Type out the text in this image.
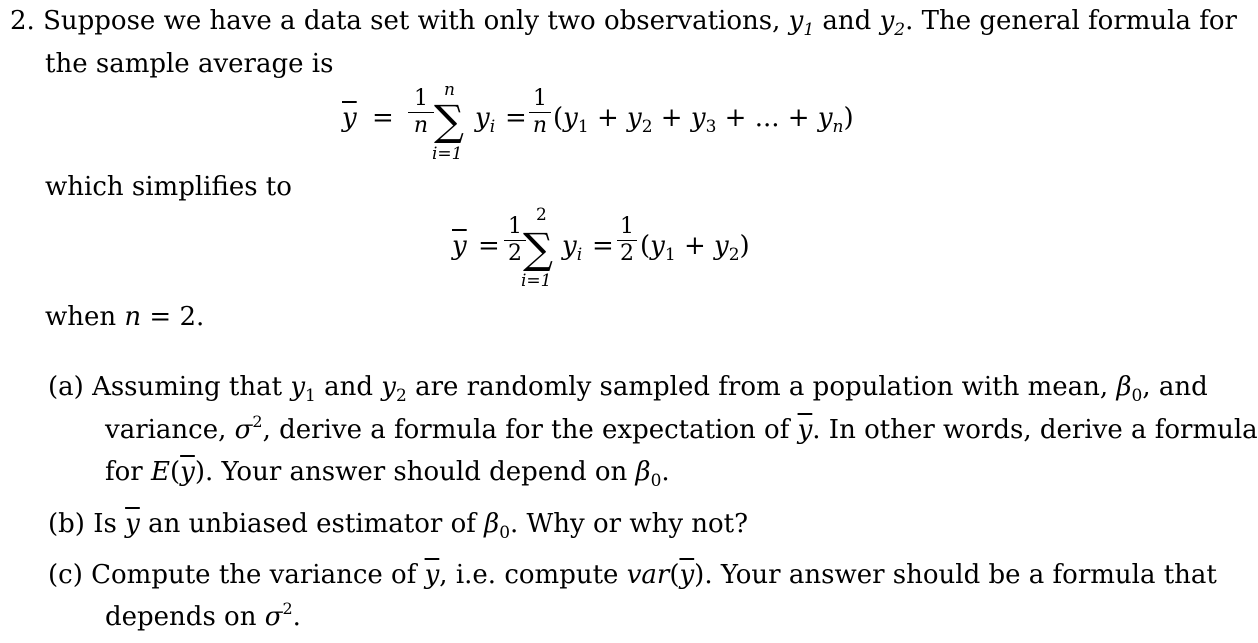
2. Suppose we have a data set with only two observations, $y_1$ and $y_2$. The general formula for
the sample average is
$\overline{y}$ =
1
n ∑
n
i=1
$y_i$ =
1
n ($y_1 + y_2 + y_3$ + ... + $y_n$)
which simplifies to
$\overline{y}$ =
1
2 ∑
2
i=1
$y_i$ =
1
2 $(y_1 + y_2)$
when n = 2.
(a) Assuming that $y_1$ and $y_2$ are randomly sampled from a population with mean, $\beta_0$, and
variance, $\sigma^2$, derive a formula for the expectation of $\overline{y}$. In other words, derive a formula
for $E(\overline{y})$. Your answer should depend on $\beta_0$.
(b) Is $\overline{y}$ an unbiased estimator of $\beta_0$. Why or why not?
(c) Compute the variance of $\overline{y}$, i.e. compute $var(\overline{y})$. Your answer should be a formula that
depends on $\sigma^2$.
